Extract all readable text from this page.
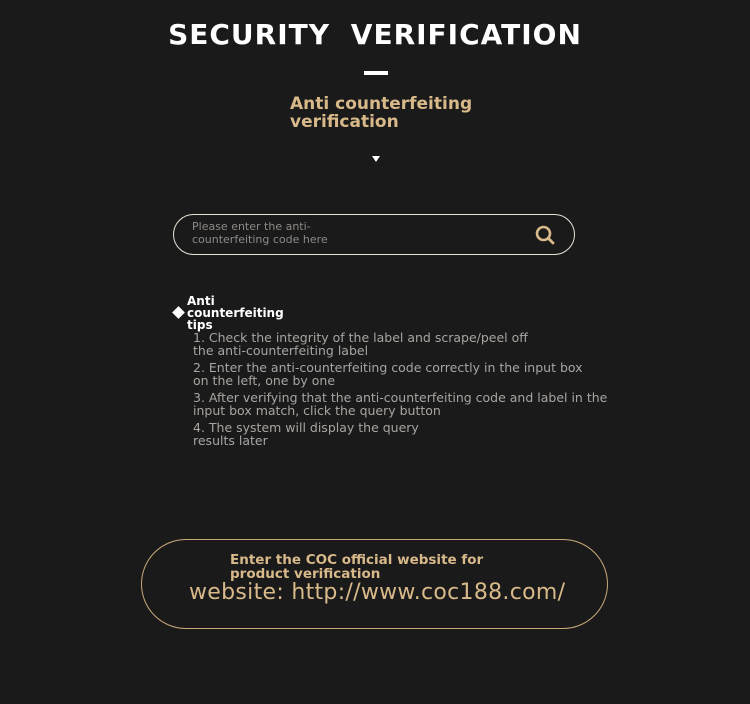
SECURITY VERIFICATION
Anti counterfeiting verification
Please enter the anti-counterfeiting code here
Anti counterfeiting tips
1. Check the integrity of the label and scrape/peel off the anti-counterfeiting label
2. Enter the anti-counterfeiting code correctly in the input box on the left, one by one
3. After verifying that the anti-counterfeiting code and label in the input box match, click the query button
4. The system will display the query results later
Enter the COC official website for product verification
website: http://www.coc188.com/
